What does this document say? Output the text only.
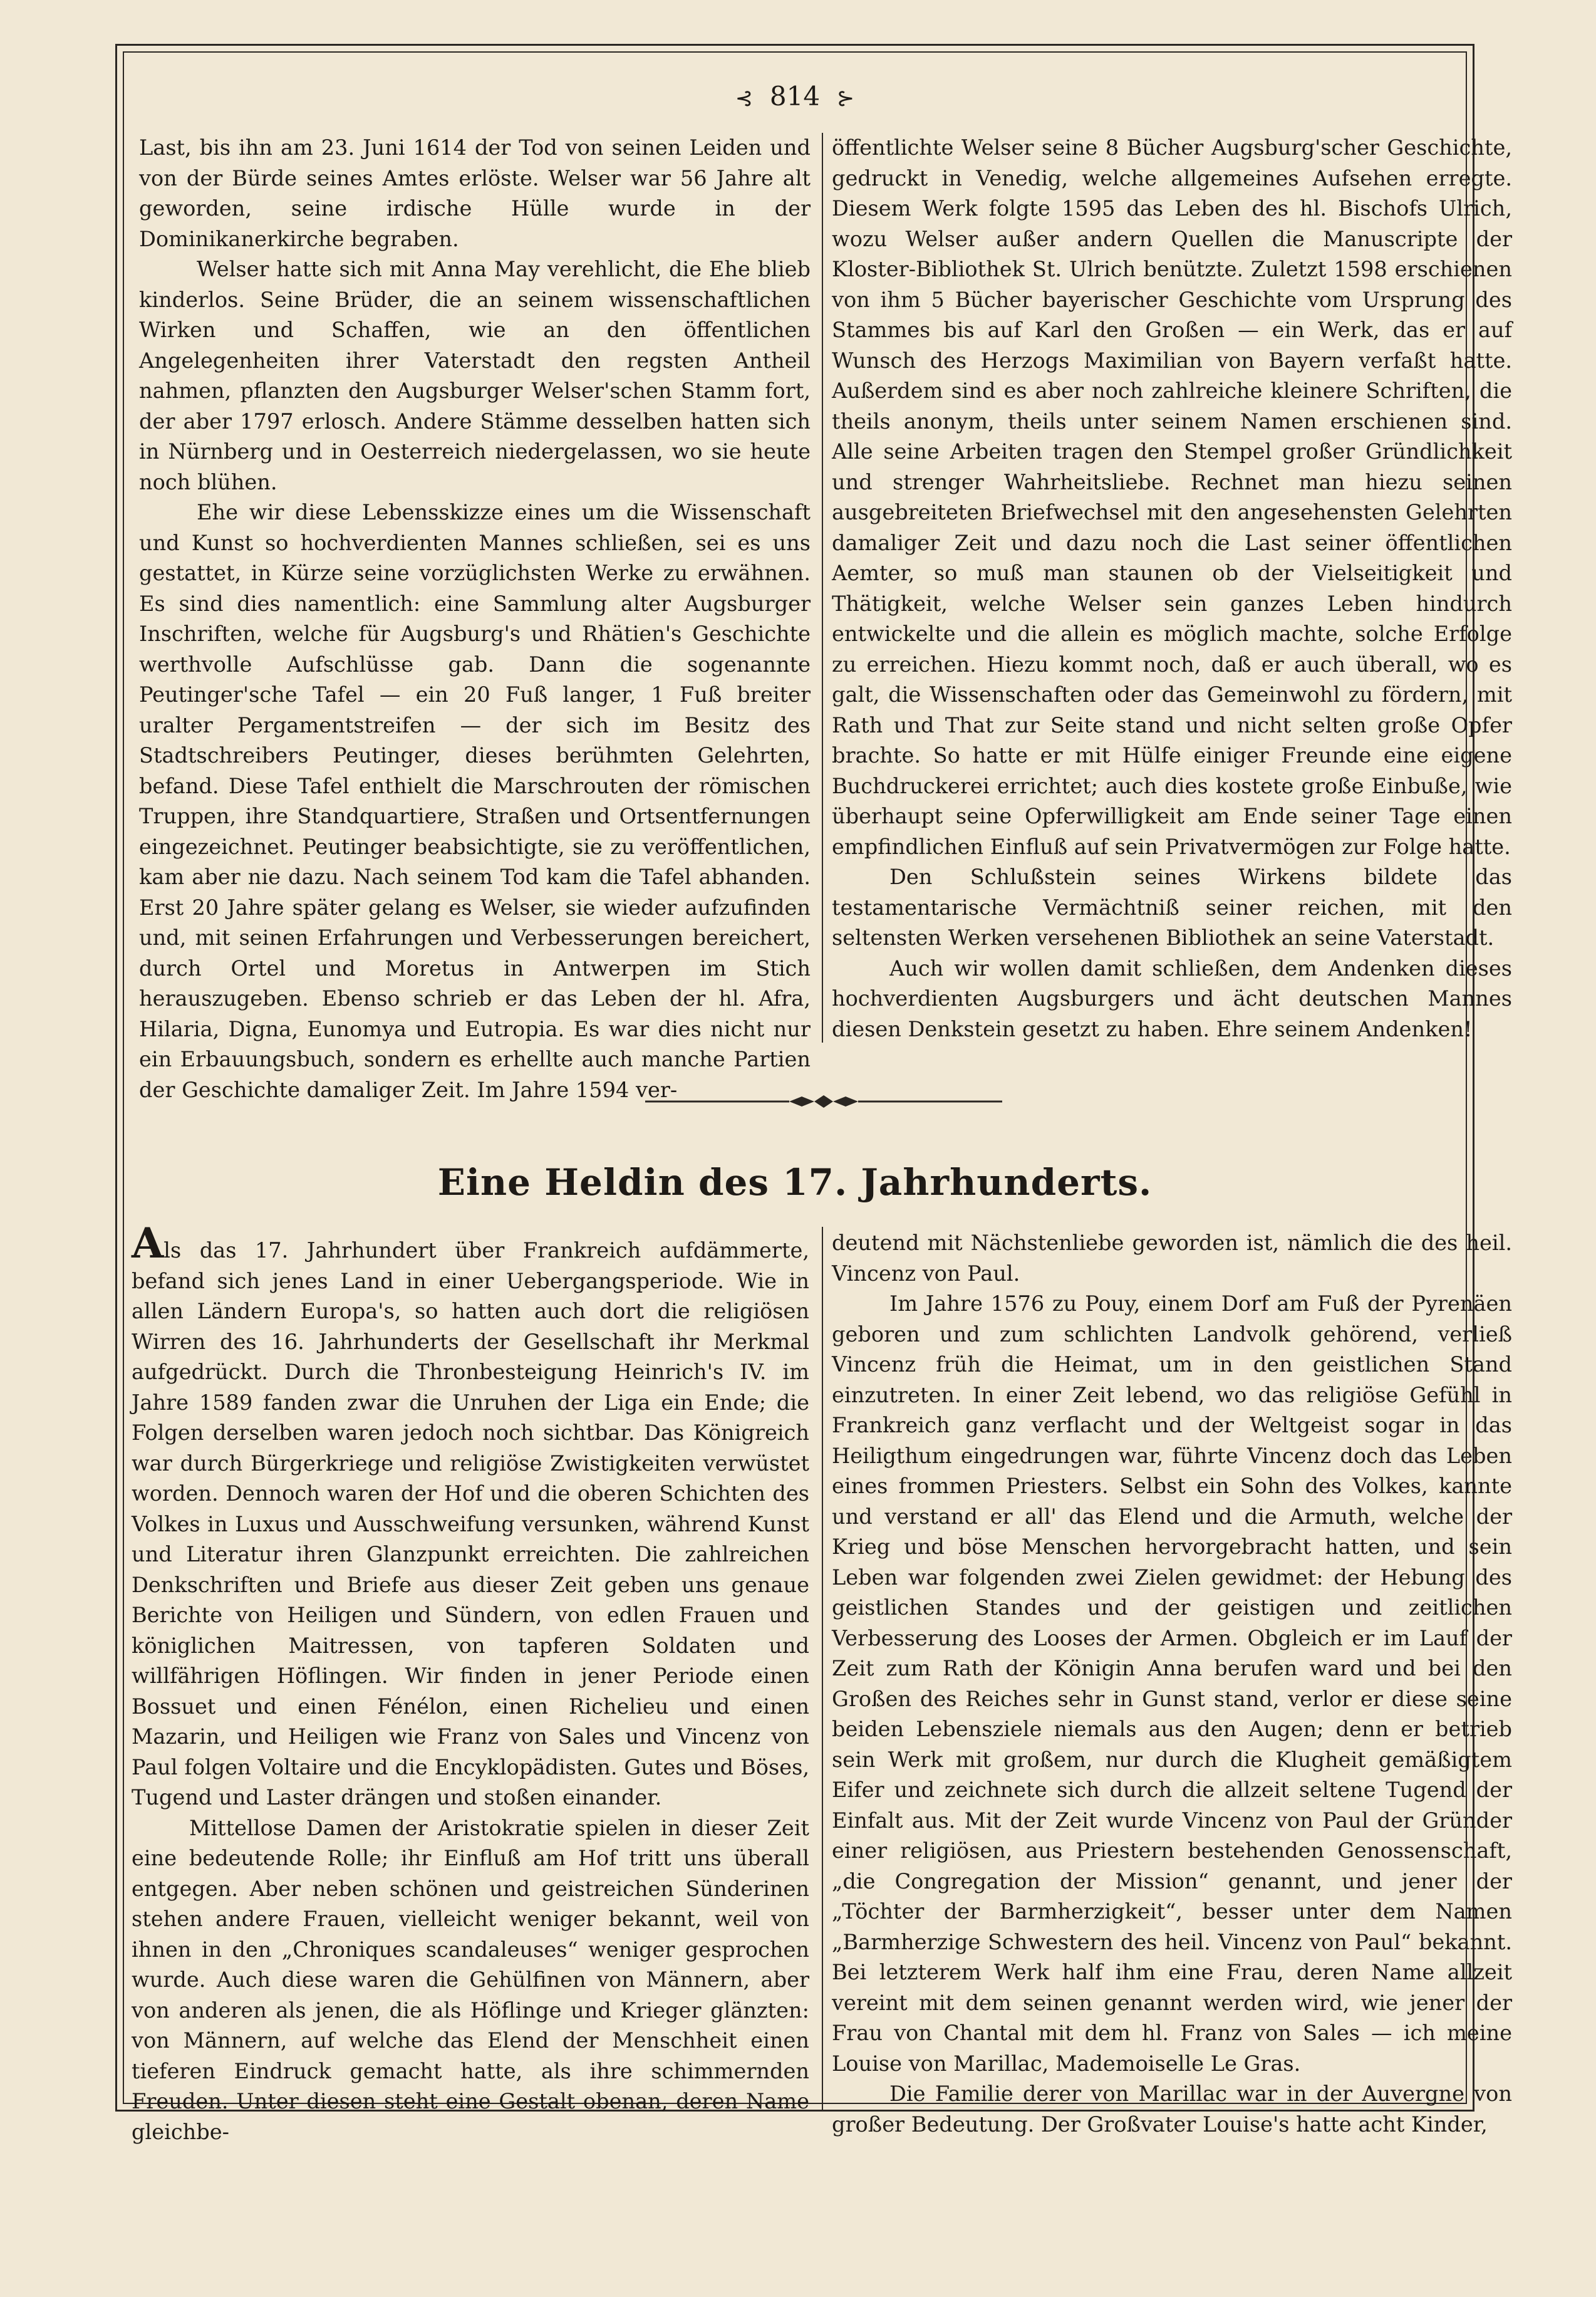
⊰ 814 ⊱

Last, bis ihn am 23. Juni 1614 der Tod von seinen Leiden und von der Bürde seines Amtes erlöste. Welser war 56 Jahre alt geworden, seine irdische Hülle wurde in der Dominikanerkirche begraben.

Welser hatte sich mit Anna May verehlicht, die Ehe blieb kinderlos. Seine Brüder, die an seinem wissenschaftlichen Wirken und Schaffen, wie an den öffentlichen Angelegenheiten ihrer Vaterstadt den regsten Antheil nahmen, pflanzten den Augsburger Welser'schen Stamm fort, der aber 1797 erlosch. Andere Stämme desselben hatten sich in Nürnberg und in Oesterreich niedergelassen, wo sie heute noch blühen.

Ehe wir diese Lebensskizze eines um die Wissenschaft und Kunst so hochverdienten Mannes schließen, sei es uns gestattet, in Kürze seine vorzüglichsten Werke zu erwähnen. Es sind dies namentlich: eine Sammlung alter Augsburger Inschriften, welche für Augsburg's und Rhätien's Geschichte werthvolle Aufschlüsse gab. Dann die sogenannte Peutinger'sche Tafel — ein 20 Fuß langer, 1 Fuß breiter uralter Pergamentstreifen — der sich im Besitz des Stadtschreibers Peutinger, dieses berühmten Gelehrten, befand. Diese Tafel enthielt die Marschrouten der römischen Truppen, ihre Standquartiere, Straßen und Ortsentfernungen eingezeichnet. Peutinger beabsichtigte, sie zu veröffentlichen, kam aber nie dazu. Nach seinem Tod kam die Tafel abhanden. Erst 20 Jahre später gelang es Welser, sie wieder aufzufinden und, mit seinen Erfahrungen und Verbesserungen bereichert, durch Ortel und Moretus in Antwerpen im Stich herauszugeben. Ebenso schrieb er das Leben der hl. Afra, Hilaria, Digna, Eunomya und Eutropia. Es war dies nicht nur ein Erbauungsbuch, sondern es erhellte auch manche Partien der Geschichte damaliger Zeit. Im Jahre 1594 ver-

öffentlichte Welser seine 8 Bücher Augsburg'scher Geschichte, gedruckt in Venedig, welche allgemeines Aufsehen erregte. Diesem Werk folgte 1595 das Leben des hl. Bischofs Ulrich, wozu Welser außer andern Quellen die Manuscripte der Kloster-Bibliothek St. Ulrich benützte. Zuletzt 1598 erschienen von ihm 5 Bücher bayerischer Geschichte vom Ursprung des Stammes bis auf Karl den Großen — ein Werk, das er auf Wunsch des Herzogs Maximilian von Bayern verfaßt hatte. Außerdem sind es aber noch zahlreiche kleinere Schriften, die theils anonym, theils unter seinem Namen erschienen sind. Alle seine Arbeiten tragen den Stempel großer Gründlichkeit und strenger Wahrheitsliebe. Rechnet man hiezu seinen ausgebreiteten Briefwechsel mit den angesehensten Gelehrten damaliger Zeit und dazu noch die Last seiner öffentlichen Aemter, so muß man staunen ob der Vielseitigkeit und Thätigkeit, welche Welser sein ganzes Leben hindurch entwickelte und die allein es möglich machte, solche Erfolge zu erreichen. Hiezu kommt noch, daß er auch überall, wo es galt, die Wissenschaften oder das Gemeinwohl zu fördern, mit Rath und That zur Seite stand und nicht selten große Opfer brachte. So hatte er mit Hülfe einiger Freunde eine eigene Buchdruckerei errichtet; auch dies kostete große Einbuße, wie überhaupt seine Opferwilligkeit am Ende seiner Tage einen empfindlichen Einfluß auf sein Privatvermögen zur Folge hatte.

Den Schlußstein seines Wirkens bildete das testamentarische Vermächtniß seiner reichen, mit den seltensten Werken versehenen Bibliothek an seine Vaterstadt.

Auch wir wollen damit schließen, dem Andenken dieses hochverdienten Augsburgers und ächt deutschen Mannes diesen Denkstein gesetzt zu haben. Ehre seinem Andenken!

Eine Heldin des 17. Jahrhunderts.

Als das 17. Jahrhundert über Frankreich aufdämmerte, befand sich jenes Land in einer Uebergangsperiode. Wie in allen Ländern Europa's, so hatten auch dort die religiösen Wirren des 16. Jahrhunderts der Gesellschaft ihr Merkmal aufgedrückt. Durch die Thronbesteigung Heinrich's IV. im Jahre 1589 fanden zwar die Unruhen der Liga ein Ende; die Folgen derselben waren jedoch noch sichtbar. Das Königreich war durch Bürgerkriege und religiöse Zwistigkeiten verwüstet worden. Dennoch waren der Hof und die oberen Schichten des Volkes in Luxus und Ausschweifung versunken, während Kunst und Literatur ihren Glanzpunkt erreichten. Die zahlreichen Denkschriften und Briefe aus dieser Zeit geben uns genaue Berichte von Heiligen und Sündern, von edlen Frauen und königlichen Maitressen, von tapferen Soldaten und willfährigen Höflingen. Wir finden in jener Periode einen Bossuet und einen Fénélon, einen Richelieu und einen Mazarin, und Heiligen wie Franz von Sales und Vincenz von Paul folgen Voltaire und die Encyklopädisten. Gutes und Böses, Tugend und Laster drängen und stoßen einander.

Mittellose Damen der Aristokratie spielen in dieser Zeit eine bedeutende Rolle; ihr Einfluß am Hof tritt uns überall entgegen. Aber neben schönen und geistreichen Sünderinen stehen andere Frauen, vielleicht weniger bekannt, weil von ihnen in den „Chroniques scandaleuses“ weniger gesprochen wurde. Auch diese waren die Gehülfinen von Männern, aber von anderen als jenen, die als Höflinge und Krieger glänzten: von Männern, auf welche das Elend der Menschheit einen tieferen Eindruck gemacht hatte, als ihre schimmernden Freuden. Unter diesen steht eine Gestalt obenan, deren Name gleichbe-

deutend mit Nächstenliebe geworden ist, nämlich die des heil. Vincenz von Paul.

Im Jahre 1576 zu Pouy, einem Dorf am Fuß der Pyrenäen geboren und zum schlichten Landvolk gehörend, verließ Vincenz früh die Heimat, um in den geistlichen Stand einzutreten. In einer Zeit lebend, wo das religiöse Gefühl in Frankreich ganz verflacht und der Weltgeist sogar in das Heiligthum eingedrungen war, führte Vincenz doch das Leben eines frommen Priesters. Selbst ein Sohn des Volkes, kannte und verstand er all' das Elend und die Armuth, welche der Krieg und böse Menschen hervorgebracht hatten, und sein Leben war folgenden zwei Zielen gewidmet: der Hebung des geistlichen Standes und der geistigen und zeitlichen Verbesserung des Looses der Armen. Obgleich er im Lauf der Zeit zum Rath der Königin Anna berufen ward und bei den Großen des Reiches sehr in Gunst stand, verlor er diese seine beiden Lebensziele niemals aus den Augen; denn er betrieb sein Werk mit großem, nur durch die Klugheit gemäßigtem Eifer und zeichnete sich durch die allzeit seltene Tugend der Einfalt aus. Mit der Zeit wurde Vincenz von Paul der Gründer einer religiösen, aus Priestern bestehenden Genossenschaft, „die Congregation der Mission“ genannt, und jener der „Töchter der Barmherzigkeit“, besser unter dem Namen „Barmherzige Schwestern des heil. Vincenz von Paul“ bekannt. Bei letzterem Werk half ihm eine Frau, deren Name allzeit vereint mit dem seinen genannt werden wird, wie jener der Frau von Chantal mit dem hl. Franz von Sales — ich meine Louise von Marillac, Mademoiselle Le Gras.

Die Familie derer von Marillac war in der Auvergne von großer Bedeutung. Der Großvater Louise's hatte acht Kinder,
